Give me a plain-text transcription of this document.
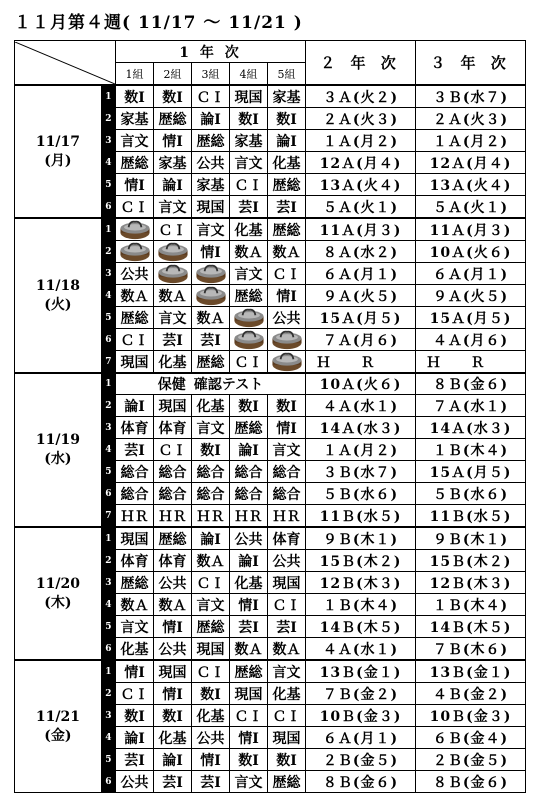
１１月第４週( 11/17 〜 11/21 )
	1 年 次					２ 年 次	３ 年 次
		1組	2組	3組	4組	5組		

11/17
(月)	1	数Ⅰ	数Ⅰ	ＣＩ	現国	家基	３Ａ(火２)	３Ｂ(水７)
	2	家基	歴総	論Ⅰ	数Ⅰ	数Ⅰ	２Ａ(火３)	２Ａ(火３)
	3	言文	情Ⅰ	歴総	家基	論Ⅰ	１Ａ(月２)	１Ａ(月２)
	4	歴総	家基	公共	言文	化基	12Ａ(月４)	12Ａ(月４)
	5	情Ⅰ	論Ⅰ	家基	ＣＩ	歴総	13Ａ(火４)	13Ａ(火４)
	6	ＣＩ	言文	現国	芸Ⅰ	芸Ⅰ	５Ａ(火１)	５Ａ(火１)

11/18
(火)	1		ＣＩ	言文	化基	歴総	11Ａ(月３)	11Ａ(月３)
	2			情Ⅰ	数Ａ	数Ａ	８Ａ(水２)	10Ａ(火６)
	3	公共			言文	ＣＩ	６Ａ(月１)	６Ａ(月１)
	4	数Ａ	数Ａ		歴総	情Ⅰ	９Ａ(火５)	９Ａ(火５)
	5	歴総	言文	数Ａ		公共	15Ａ(月５)	15Ａ(月５)
	6	ＣＩ	芸Ⅰ	芸Ⅰ			７Ａ(月６)	４Ａ(月６)
	7	現国	化基	歴総	ＣＩ		ＨＲ	ＨＲ

11/19
(水)	1	保健 確認テスト					10Ａ(火６)	８Ｂ(金６)
	2	論Ⅰ	現国	化基	数Ⅰ	数Ⅰ	４Ａ(水１)	７Ａ(水１)
	3	体育	体育	言文	歴総	情Ⅰ	14Ａ(水３)	14Ａ(水３)
	4	芸Ⅰ	ＣＩ	数Ⅰ	論Ⅰ	言文	１Ａ(月２)	１Ｂ(木４)
	5	総合	総合	総合	総合	総合	３Ｂ(水７)	15Ａ(月５)
	6	総合	総合	総合	総合	総合	５Ｂ(水６)	５Ｂ(水６)
	7	ＨＲ	ＨＲ	ＨＲ	ＨＲ	ＨＲ	11Ｂ(水５)	11Ｂ(水５)

11/20
(木)	1	現国	歴総	論Ⅰ	公共	体育	９Ｂ(木１)	９Ｂ(木１)
	2	体育	体育	数Ａ	論Ⅰ	公共	15Ｂ(木２)	15Ｂ(木２)
	3	歴総	公共	ＣＩ	化基	現国	12Ｂ(木３)	12Ｂ(木３)
	4	数Ａ	数Ａ	言文	情Ⅰ	ＣＩ	１Ｂ(木４)	１Ｂ(木４)
	5	言文	情Ⅰ	歴総	芸Ⅰ	芸Ⅰ	14Ｂ(木５)	14Ｂ(木５)
	6	化基	公共	現国	数Ａ	数Ａ	４Ａ(水１)	７Ｂ(木６)

11/21
(金)	1	情Ⅰ	現国	ＣＩ	歴総	言文	13Ｂ(金１)	13Ｂ(金１)
	2	ＣＩ	情Ⅰ	数Ⅰ	現国	化基	７Ｂ(金２)	４Ｂ(金２)
	3	数Ⅰ	数Ⅰ	化基	ＣＩ	ＣＩ	10Ｂ(金３)	10Ｂ(金３)
	4	論Ⅰ	化基	公共	情Ⅰ	現国	６Ａ(月１)	６Ｂ(金４)
	5	芸Ⅰ	論Ⅰ	情Ⅰ	数Ⅰ	数Ⅰ	２Ｂ(金５)	２Ｂ(金５)
	6	公共	芸Ⅰ	芸Ⅰ	言文	歴総	８Ｂ(金６)	８Ｂ(金６)
